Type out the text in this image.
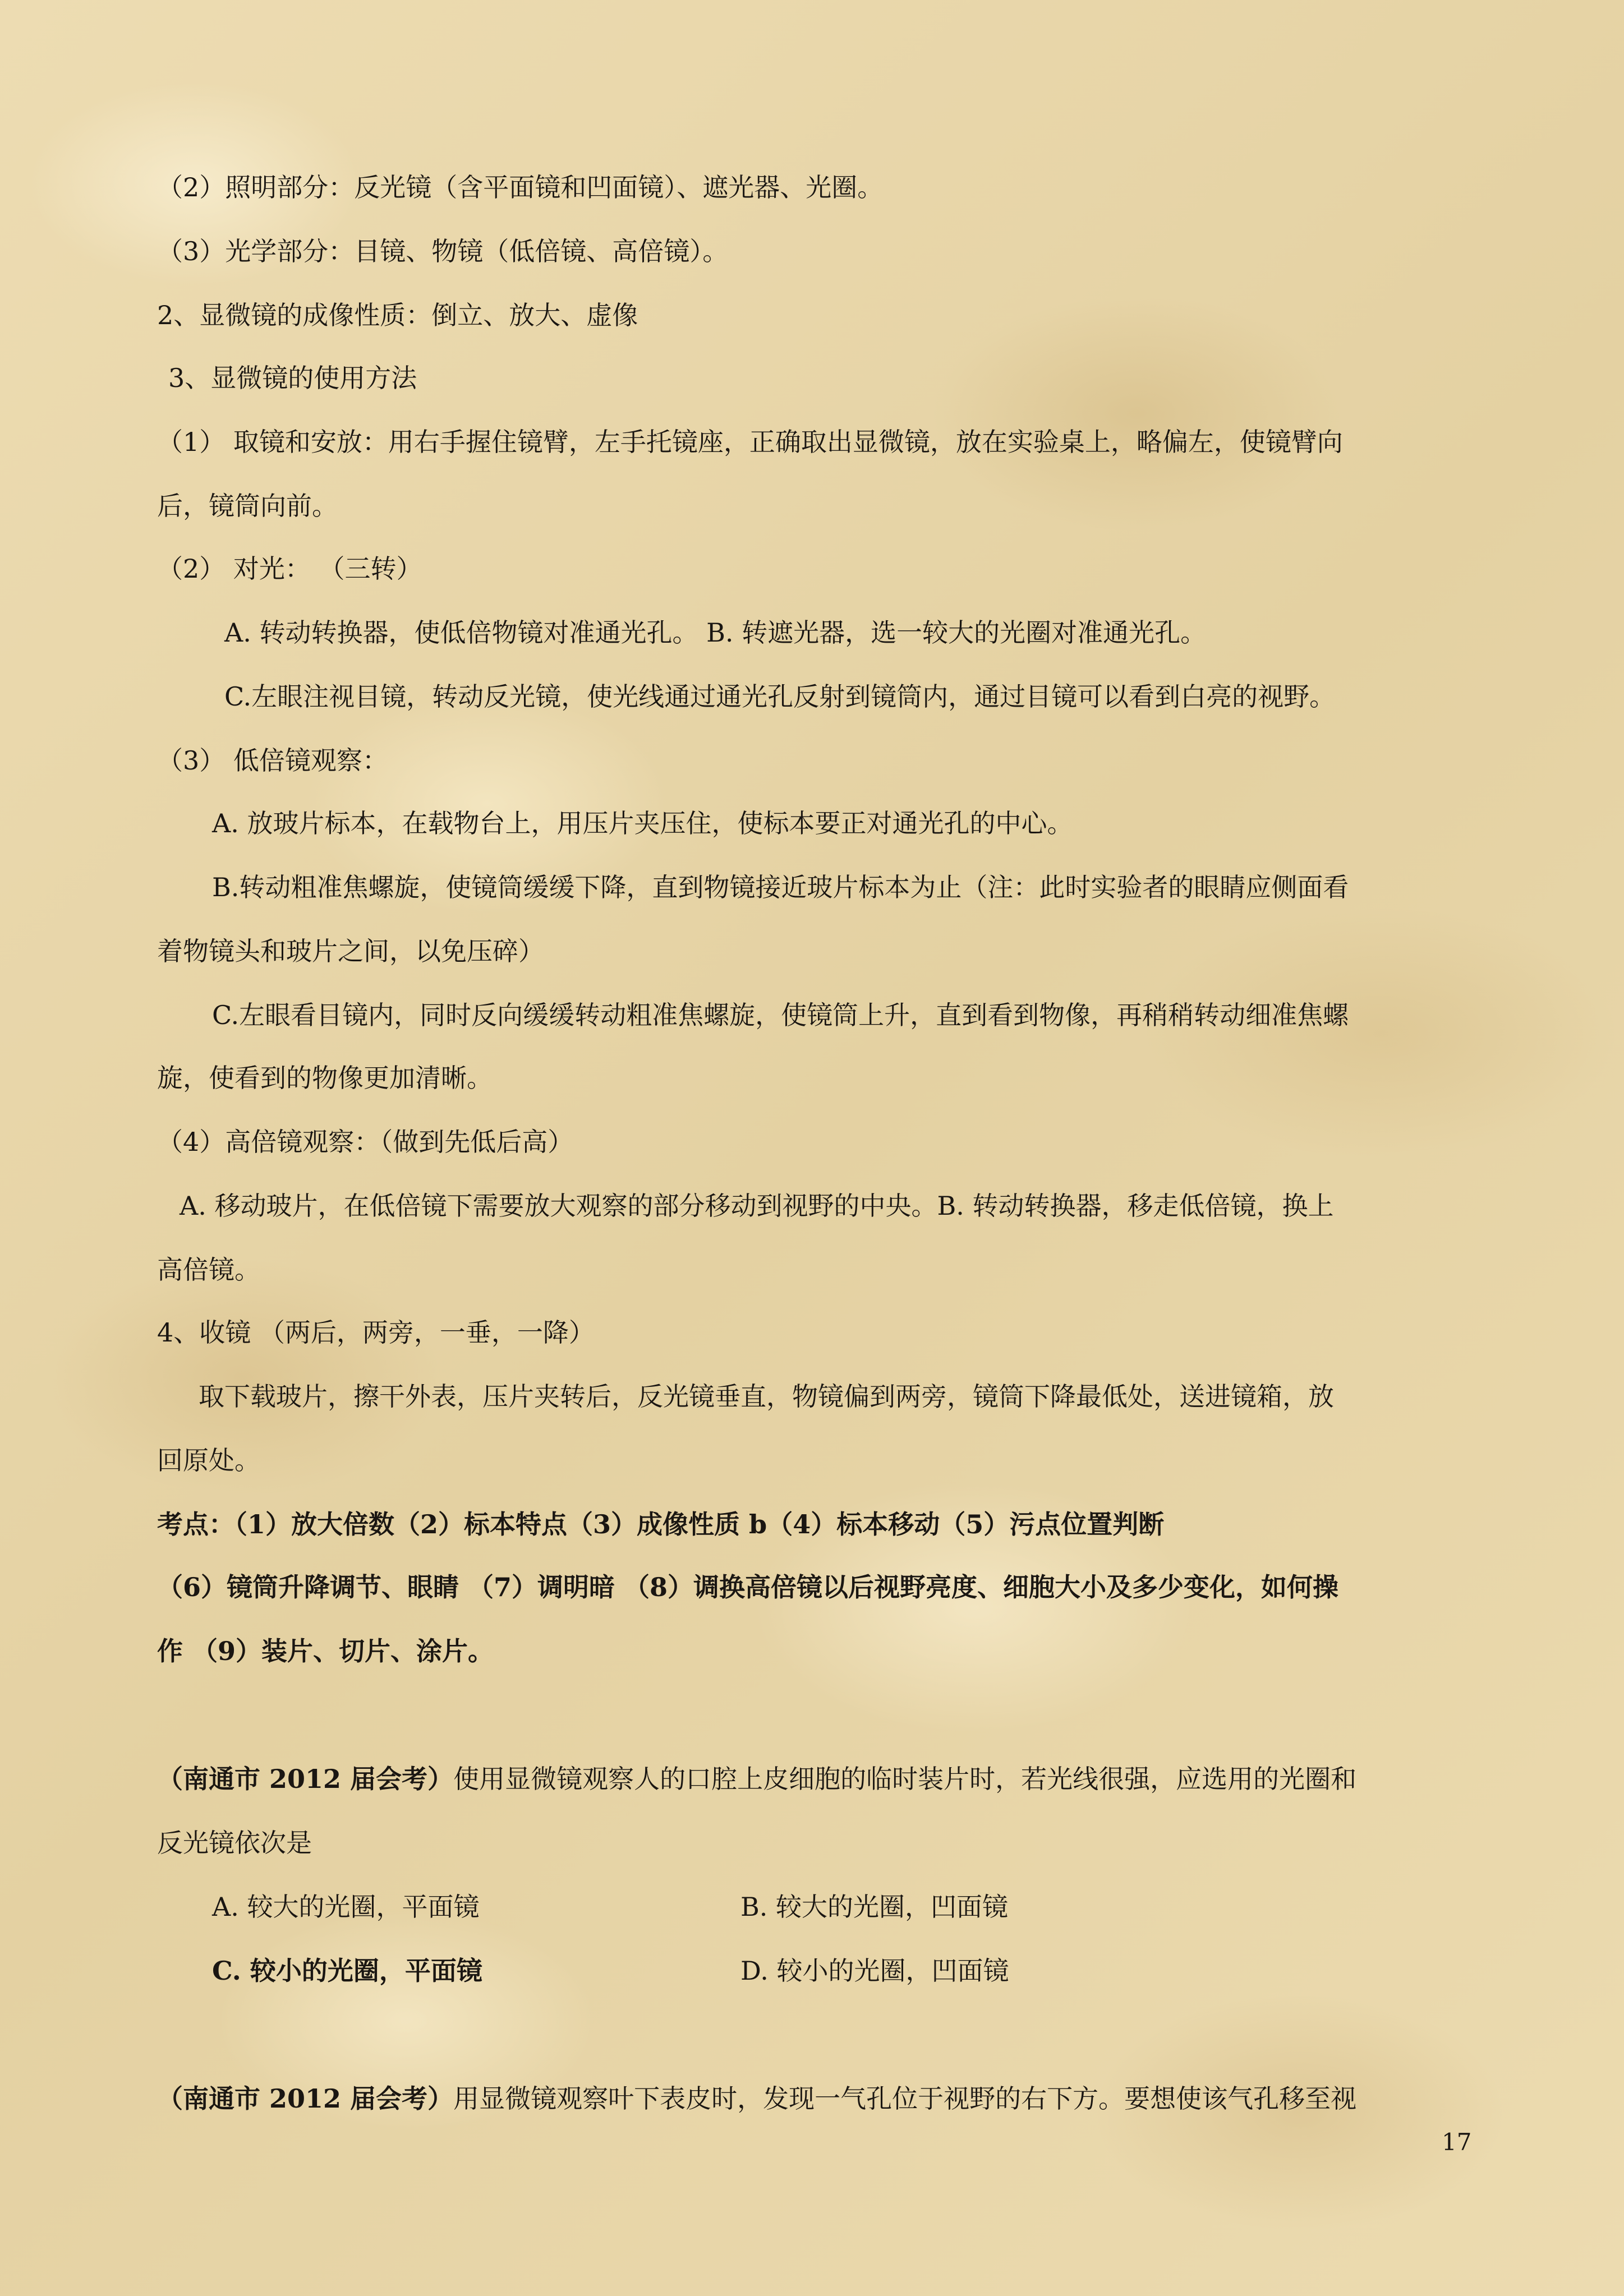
（2）照明部分：反光镜（含平面镜和凹面镜）、遮光器、光圈。
（3）光学部分：目镜、物镜（低倍镜、高倍镜）。
2、显微镜的成像性质：倒立、放大、虚像
3、显微镜的使用方法
（1） 取镜和安放：用右手握住镜臂，左手托镜座，正确取出显微镜，放在实验桌上，略偏左，使镜臂向
后，镜筒向前。
（2） 对光： （三转）
A. 转动转换器，使低倍物镜对准通光孔。 B. 转遮光器，选一较大的光圈对准通光孔。
C.左眼注视目镜，转动反光镜，使光线通过通光孔反射到镜筒内，通过目镜可以看到白亮的视野。
（3） 低倍镜观察：
A. 放玻片标本，在载物台上，用压片夹压住，使标本要正对通光孔的中心。
B.转动粗准焦螺旋，使镜筒缓缓下降，直到物镜接近玻片标本为止（注：此时实验者的眼睛应侧面看
着物镜头和玻片之间，以免压碎）
C.左眼看目镜内，同时反向缓缓转动粗准焦螺旋，使镜筒上升，直到看到物像，再稍稍转动细准焦螺
旋，使看到的物像更加清晰。
（4）高倍镜观察：（做到先低后高）
A. 移动玻片，在低倍镜下需要放大观察的部分移动到视野的中央。B. 转动转换器，移走低倍镜，换上
高倍镜。
4、收镜 （两后，两旁，一垂，一降）
取下载玻片，擦干外表，压片夹转后，反光镜垂直，物镜偏到两旁，镜筒下降最低处，送进镜箱，放
回原处。
考点：（1）放大倍数（2）标本特点（3）成像性质 b（4）标本移动（5）污点位置判断
（6）镜筒升降调节、眼睛 （7）调明暗 （8）调换高倍镜以后视野亮度、细胞大小及多少变化，如何操
作 （9）装片、切片、涂片。
（南通市 2012 届会考）使用显微镜观察人的口腔上皮细胞的临时装片时，若光线很强，应选用的光圈和
反光镜依次是
A. 较大的光圈，平面镜	B. 较大的光圈，凹面镜
C. 较小的光圈，平面镜	D. 较小的光圈，凹面镜
（南通市 2012 届会考）用显微镜观察叶下表皮时，发现一气孔位于视野的右下方。要想使该气孔移至视
17
